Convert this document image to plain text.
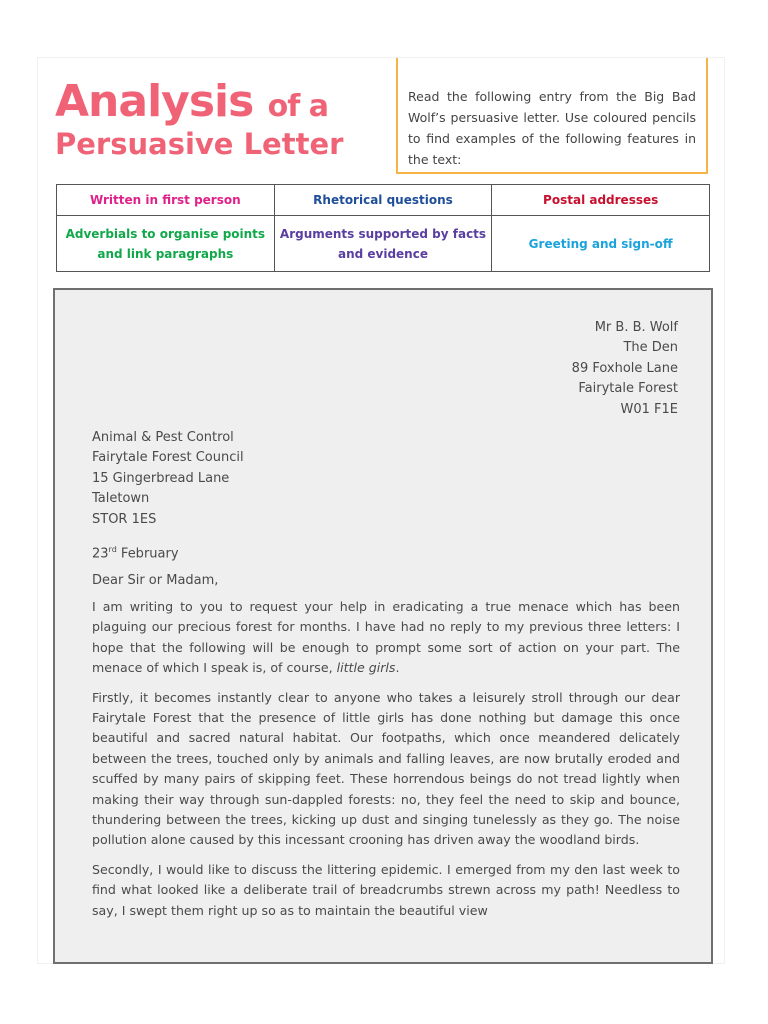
Analysis of a
Persuasive Letter
Read the following entry from the Big Bad Wolf’s persuasive letter. Use coloured pencils to find examples of the following features in the text:
Written in first person	Rhetorical questions	Postal addresses
Adverbials to organise points and link paragraphs	Arguments supported by facts and evidence	Greeting and sign-off
Mr B. B. Wolf
The Den
89 Foxhole Lane
Fairytale Forest
W01 F1E
Animal & Pest Control
Fairytale Forest Council
15 Gingerbread Lane
Taletown
STOR 1ES
23rd February
Dear Sir or Madam,

I am writing to you to request your help in eradicating a true menace which has been plaguing our precious forest for months. I have had no reply to my previous three letters: I hope that the following will be enough to prompt some sort of action on your part. The menace of which I speak is, of course, little girls.

Firstly, it becomes instantly clear to anyone who takes a leisurely stroll through our dear Fairytale Forest that the presence of little girls has done nothing but damage this once beautiful and sacred natural habitat. Our footpaths, which once meandered delicately between the trees, touched only by animals and falling leaves, are now brutally eroded and scuffed by many pairs of skipping feet. These horrendous beings do not tread lightly when making their way through sun-dappled forests: no, they feel the need to skip and bounce, thundering between the trees, kicking up dust and singing tunelessly as they go. The noise pollution alone caused by this incessant crooning has driven away the woodland birds.

Secondly, I would like to discuss the littering epidemic. I emerged from my den last week to find what looked like a deliberate trail of breadcrumbs strewn across my path! Needless to say, I swept them right up so as to maintain the beautiful view
